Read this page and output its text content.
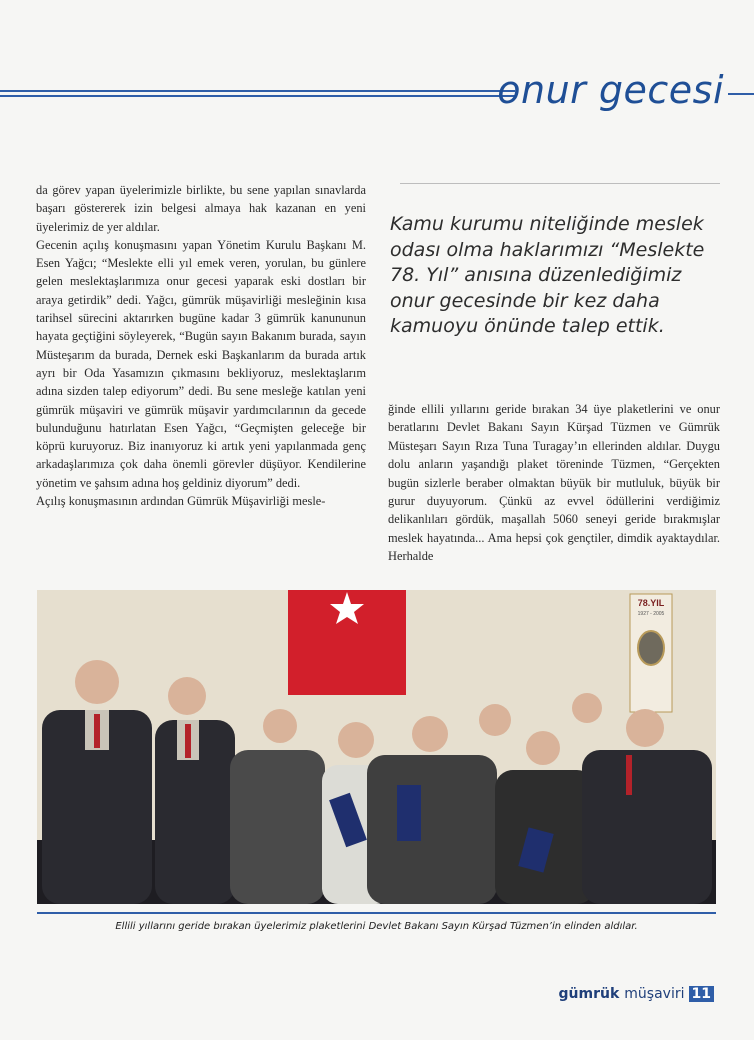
onur gecesi

da görev yapan üyelerimizle birlikte, bu sene yapılan sınavlarda başarı göstererek izin belgesi almaya hak kazanan en yeni üyelerimiz de yer aldılar.

Gecenin açılış konuşmasını yapan Yönetim Kurulu Başkanı M. Esen Yağcı; “Meslekte elli yıl emek veren, yorulan, bu günlere gelen meslektaşlarımıza onur gecesi yaparak eski dostları bir araya getirdik” dedi. Yağcı, gümrük müşavirliği mesleğinin kısa tarihsel sürecini aktarırken bugüne kadar 3 gümrük kanununun hayata geçtiğini söyleyerek, “Bugün sayın Bakanım burada, sayın Müsteşarım da burada, Dernek eski Başkanlarım da burada artık ayrı bir Oda Yasamızın çıkmasını bekliyoruz, meslektaşlarım adına sizden talep ediyorum” dedi. Bu sene mesleğe katılan yeni gümrük müşaviri ve gümrük müşavir yardımcılarının da gecede bulunduğunu hatırlatan Esen Yağcı, “Geçmişten geleceğe bir köprü kuruyoruz. Biz inanıyoruz ki artık yeni yapılanmada genç arkadaşlarımıza çok daha önemli görevler düşüyor. Kendilerine yönetim ve şahsım adına hoş geldiniz diyorum” dedi.

Açılış konuşmasının ardından Gümrük Müşavirliği mesle-

Kamu kurumu niteliğinde meslek odası olma haklarımızı “Meslekte 78. Yıl” anısına düzenlediğimiz onur gecesinde bir kez daha kamuoyu önünde talep ettik.

ğinde ellili yıllarını geride bırakan 34 üye plaketlerini ve onur beratlarını Devlet Bakanı Sayın Kürşad Tüzmen ve Gümrük Müsteşarı Sayın Rıza Tuna Turagay’ın ellerinden aldılar. Duygu dolu anların yaşandığı plaket töreninde Tüzmen, “Gerçekten bugün sizlerle beraber olmaktan büyük bir mutluluk, büyük bir gurur duyuyorum. Çünkü az evvel ödüllerini verdiğimiz delikanlıları gördük, maşallah 5060 seneyi geride bırakmışlar meslek hayatında... Ama hepsi çok gençtiler, dimdik ayaktaydılar. Herhalde

78.YIL
1927 - 2005
Ellili yıllarını geride bırakan üyelerimiz plaketlerini Devlet Bakanı Sayın Kürşad Tüzmen’in elinden aldılar.
gümrük müşaviri 11
